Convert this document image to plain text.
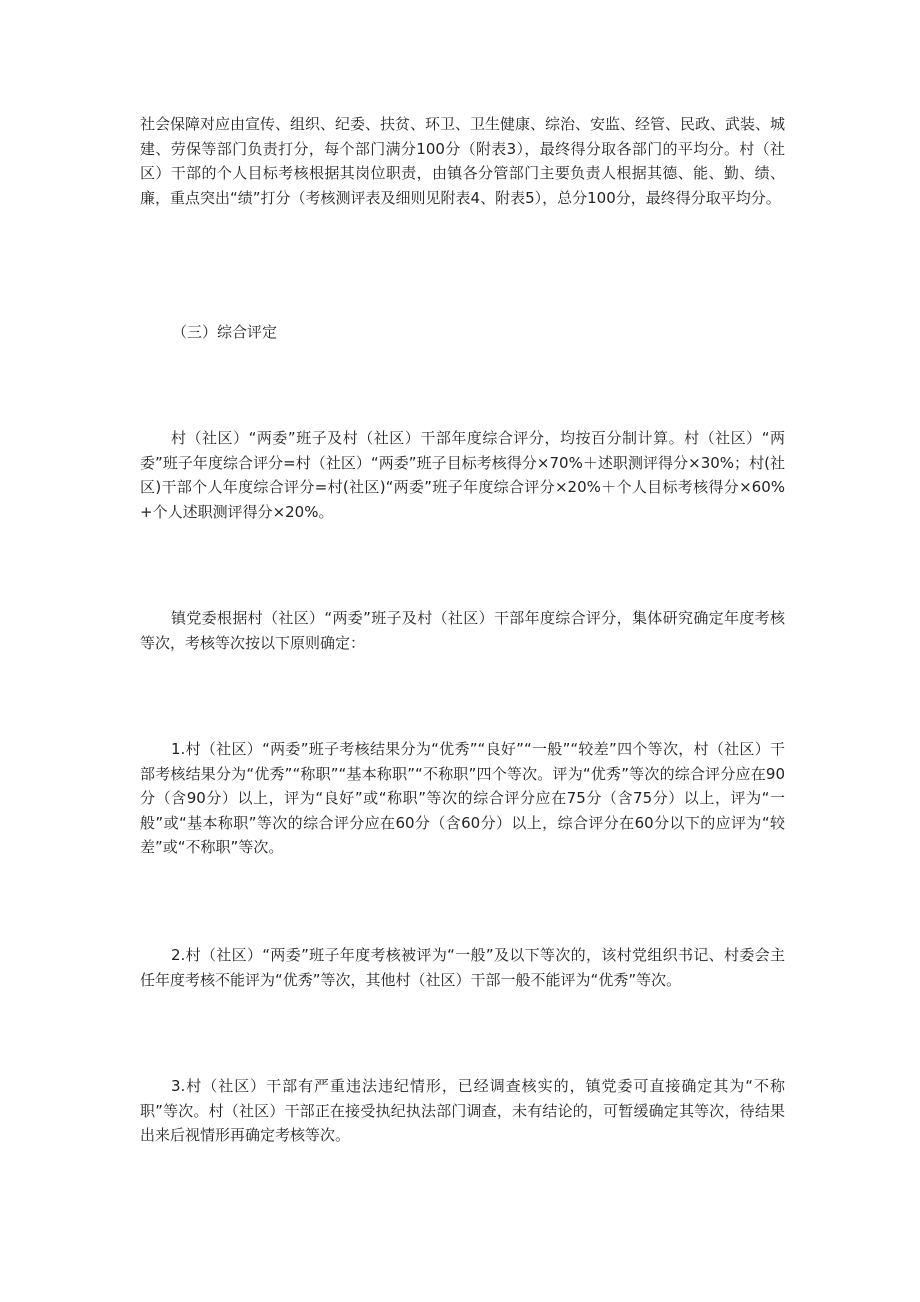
社会保障对应由宣传、组织、纪委、扶贫、环卫、卫生健康、综治、安监、经管、民政、武装、城建、劳保等部门负责打分，每个部门满分100分（附表3），最终得分取各部门的平均分。村（社区）干部的个人目标考核根据其岗位职责，由镇各分管部门主要负责人根据其德、能、勤、绩、廉，重点突出“绩”打分（考核测评表及细则见附表4、附表5），总分100分，最终得分取平均分。

（三）综合评定

村（社区）“两委”班子及村（社区）干部年度综合评分，均按百分制计算。村（社区）“两委”班子年度综合评分=村（社区）“两委”班子目标考核得分×70%＋述职测评得分×30%；村(社区)干部个人年度综合评分=村(社区)“两委”班子年度综合评分×20%＋个人目标考核得分×60%+个人述职测评得分×20%。

镇党委根据村（社区）“两委”班子及村（社区）干部年度综合评分，集体研究确定年度考核等次，考核等次按以下原则确定：

1.村（社区）“两委”班子考核结果分为“优秀”“良好”“一般”“较差”四个等次，村（社区）干部考核结果分为“优秀”“称职”“基本称职”“不称职”四个等次。评为“优秀”等次的综合评分应在90分（含90分）以上，评为“良好”或“称职”等次的综合评分应在75分（含75分）以上，评为“一般”或“基本称职”等次的综合评分应在60分（含60分）以上，综合评分在60分以下的应评为“较差”或“不称职”等次。

2.村（社区）“两委”班子年度考核被评为“一般”及以下等次的，该村党组织书记、村委会主任年度考核不能评为“优秀”等次，其他村（社区）干部一般不能评为“优秀”等次。

3.村（社区）干部有严重违法违纪情形，已经调查核实的，镇党委可直接确定其为“不称职”等次。村（社区）干部正在接受执纪执法部门调查，未有结论的，可暂缓确定其等次，待结果出来后视情形再确定考核等次。
